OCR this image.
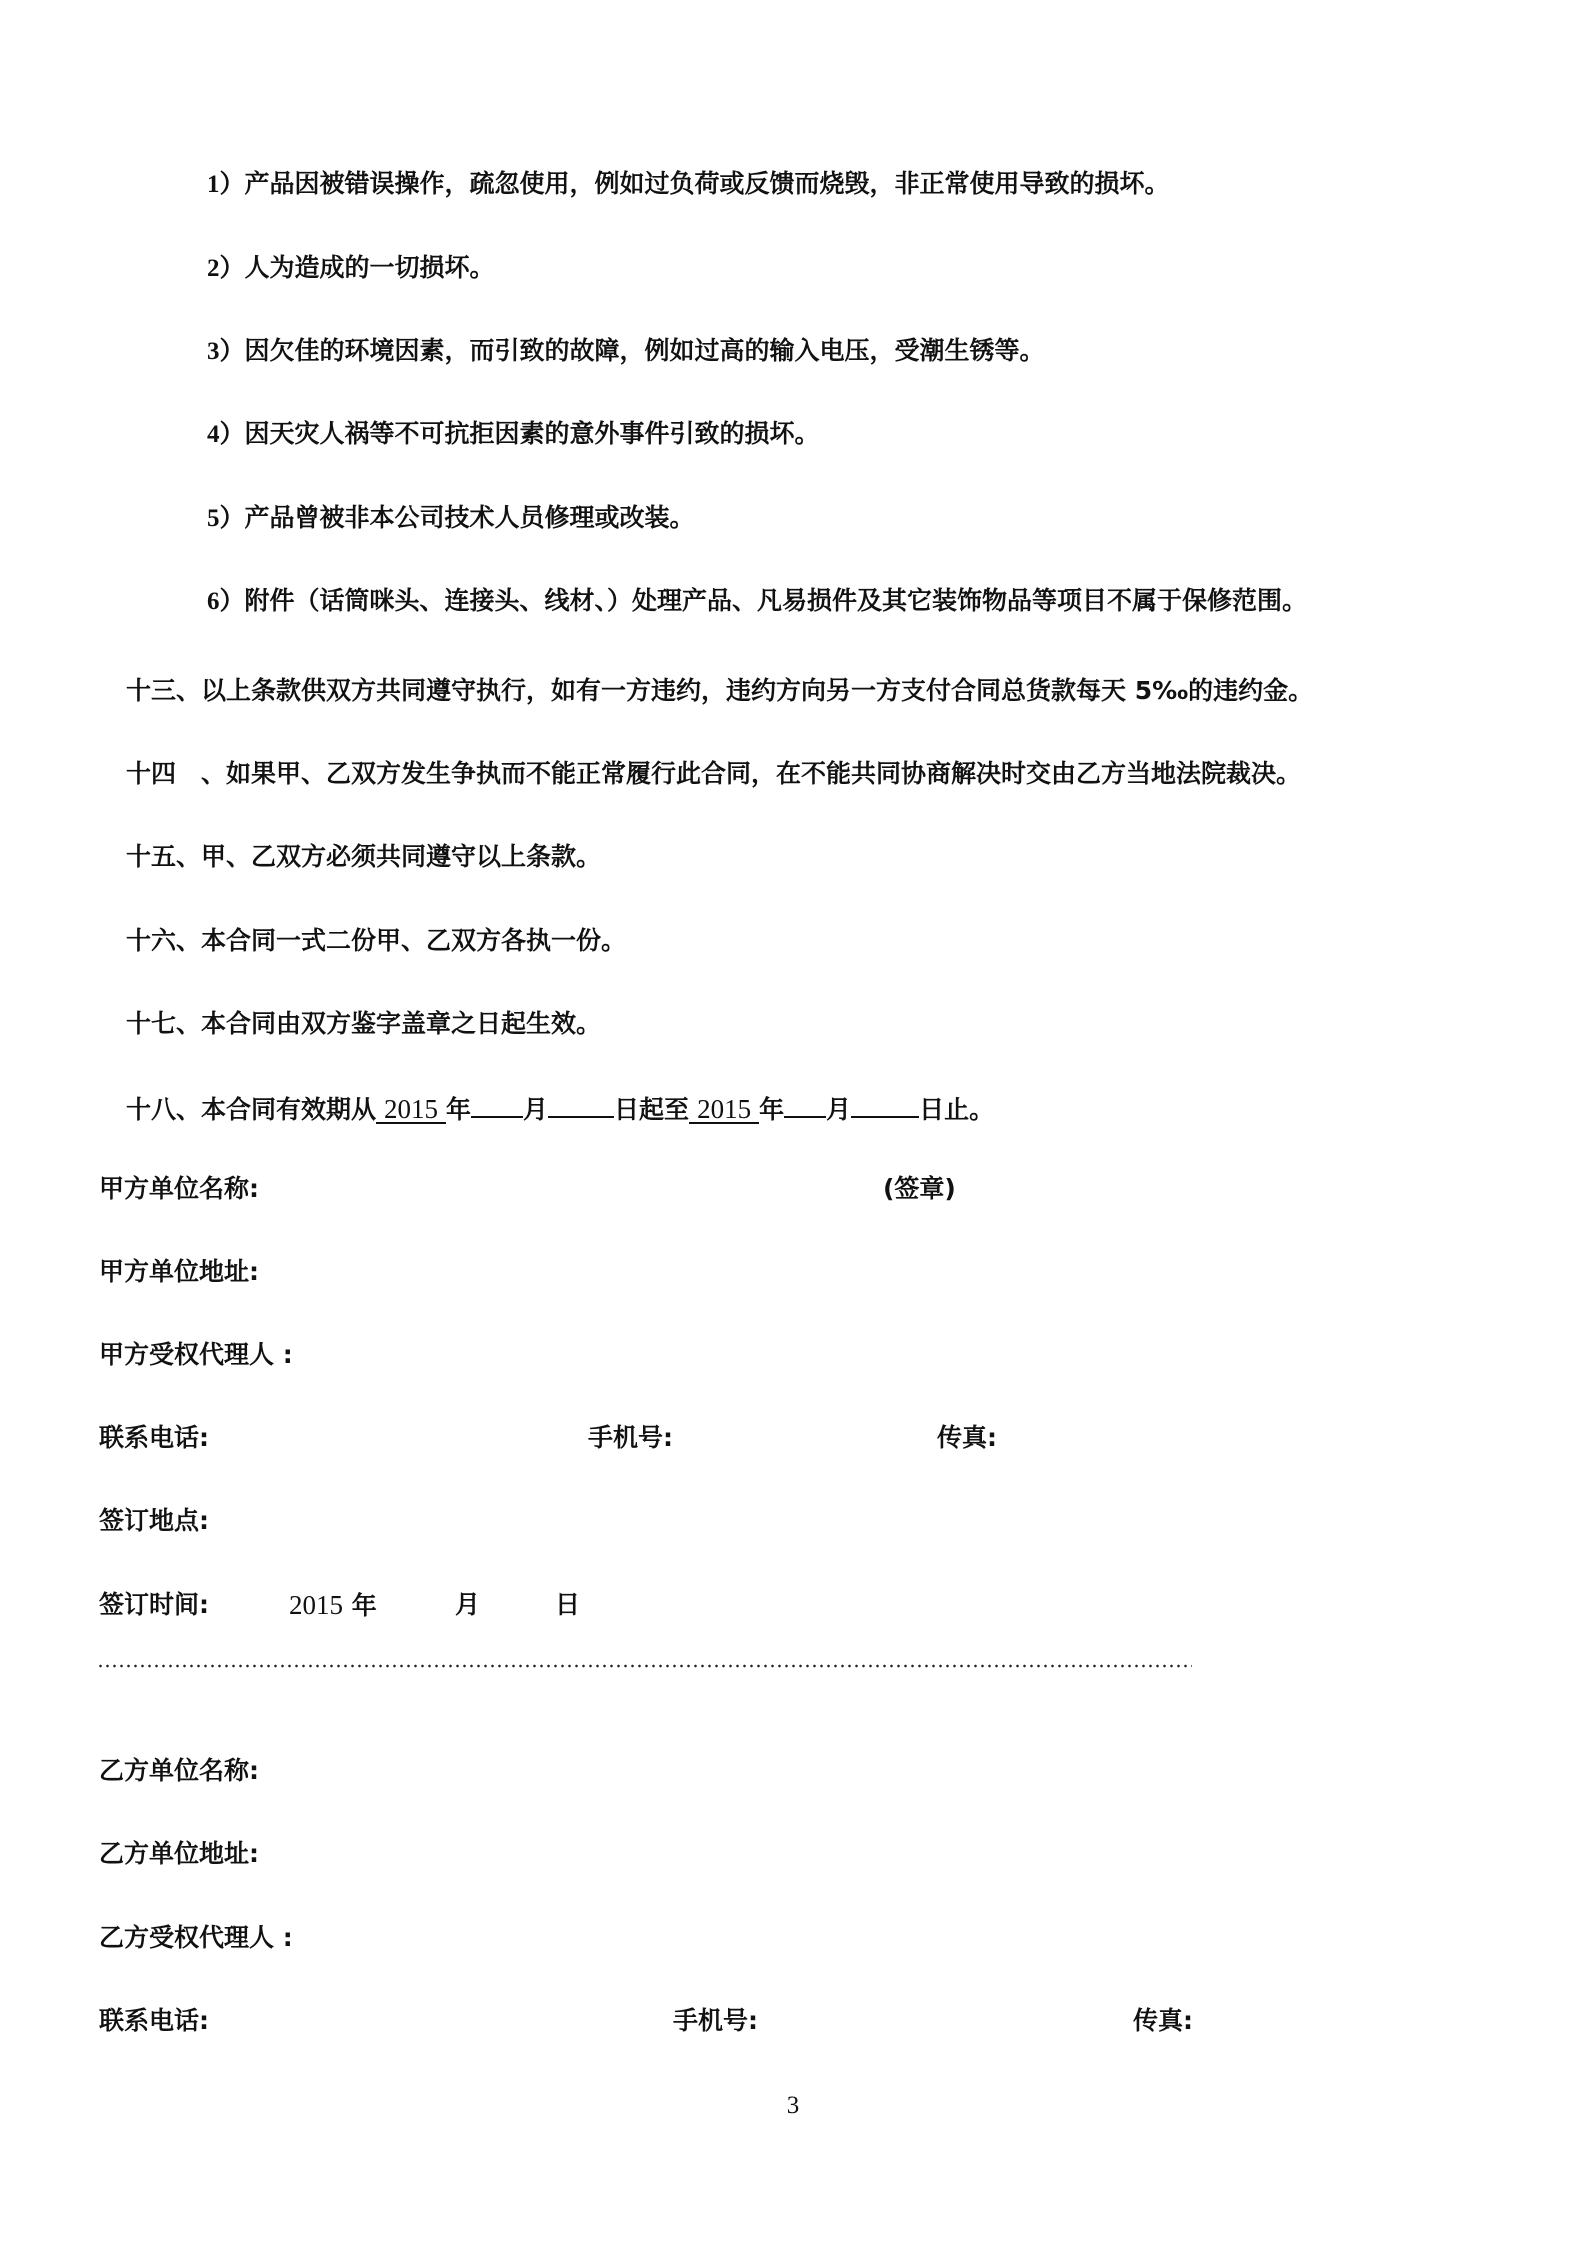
1）产品因被错误操作，疏忽使用，例如过负荷或反馈而烧毁，非正常使用导致的损坏。
2）人为造成的一切损坏。
3）因欠佳的环境因素，而引致的故障，例如过高的输入电压，受潮生锈等。
4）因天灾人祸等不可抗拒因素的意外事件引致的损坏。
5）产品曾被非本公司技术人员修理或改装。
6）附件（话筒咪头、连接头、线材、）处理产品、凡易损件及其它装饰物品等项目不属于保修范围。
十三、以上条款供双方共同遵守执行，如有一方违约，违约方向另一方支付合同总货款每天 5‰的违约金。
十四　、如果甲、乙双方发生争执而不能正常履行此合同，在不能共同协商解决时交由乙方当地法院裁决。
十五、甲、乙双方必须共同遵守以上条款。
十六、本合同一式二份甲、乙双方各执一份。
十七、本合同由双方鉴字盖章之日起生效。
十八、本合同有效期从 2015 年 月	日起至 2015 年 月	日止。
甲方单位名称:	(签章)
甲方单位地址:
甲方受权代理人 :
联系电话:	手机号:	传真:
签订地点:
签订时间:	2015 年	月	日
乙方单位名称:
乙方单位地址:
乙方受权代理人 :
联系电话:	手机号:	传真:
3
